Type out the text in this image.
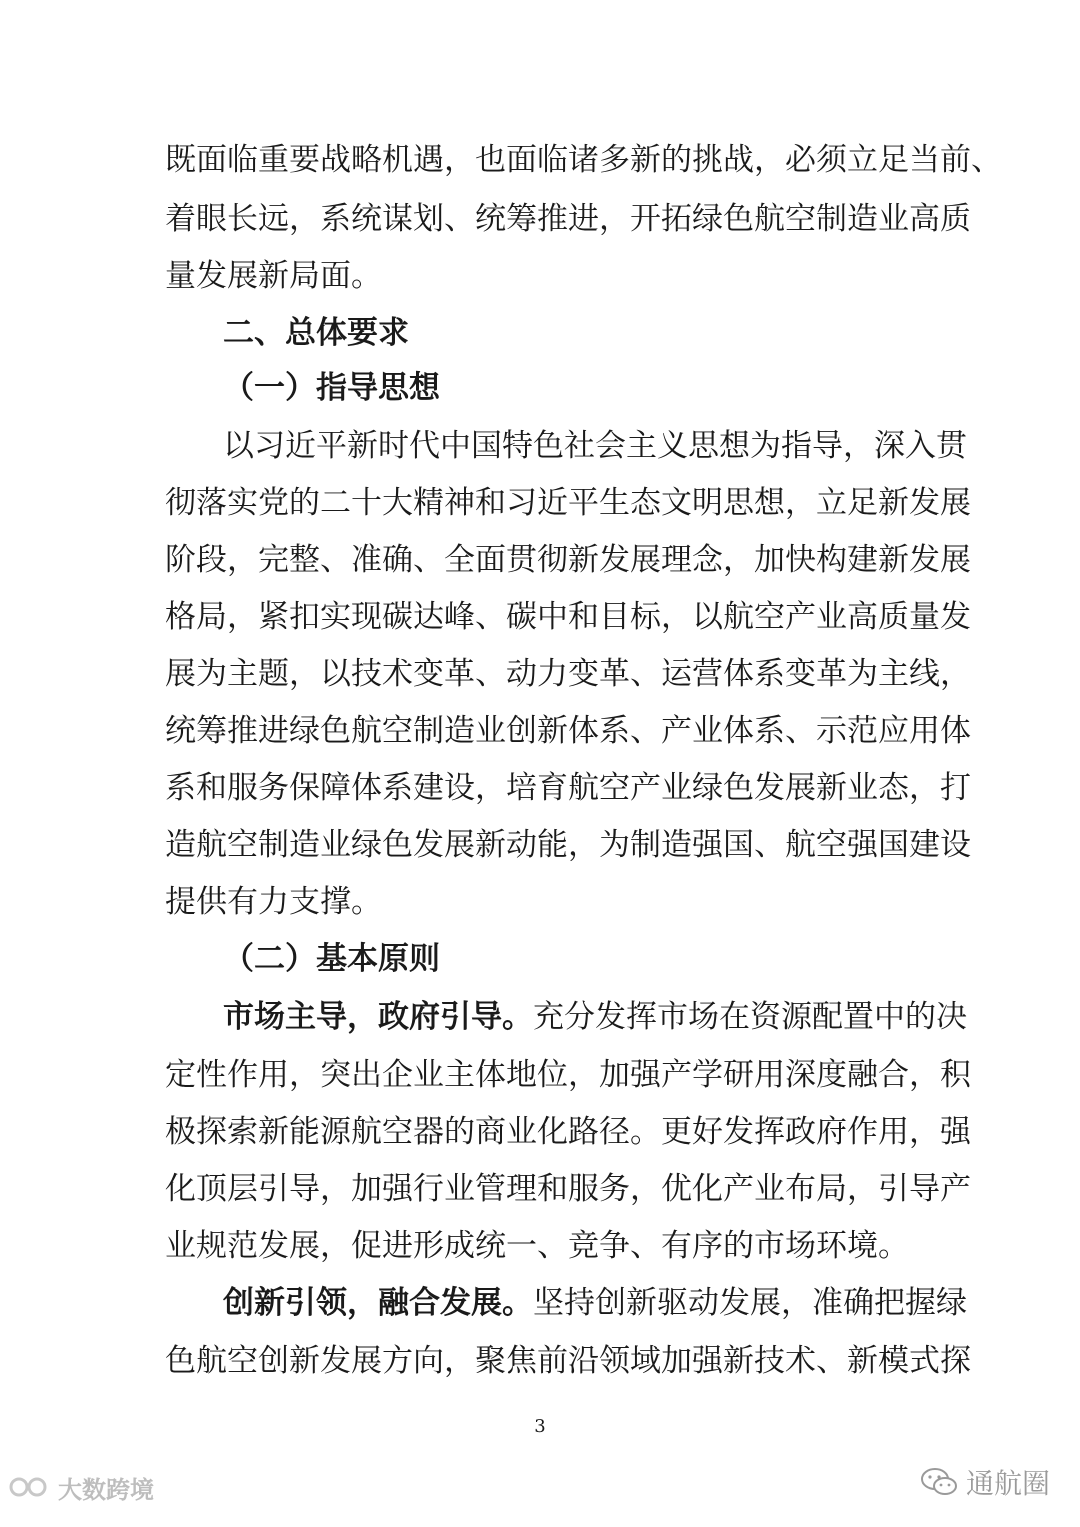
既面临重要战略机遇，也面临诸多新的挑战，必须立足当前、
着眼长远，系统谋划、统筹推进，开拓绿色航空制造业高质
量发展新局面。
二、总体要求
（一）指导思想
以习近平新时代中国特色社会主义思想为指导，深入贯
彻落实党的二十大精神和习近平生态文明思想，立足新发展
阶段，完整、准确、全面贯彻新发展理念，加快构建新发展
格局，紧扣实现碳达峰、碳中和目标，以航空产业高质量发
展为主题，以技术变革、动力变革、运营体系变革为主线，
统筹推进绿色航空制造业创新体系、产业体系、示范应用体
系和服务保障体系建设，培育航空产业绿色发展新业态，打
造航空制造业绿色发展新动能，为制造强国、航空强国建设
提供有力支撑。
（二）基本原则
市场主导，政府引导。 充分发挥市场在资源配置中的决
定性作用，突出企业主体地位，加强产学研用深度融合，积
极探索新能源航空器的商业化路径。更好发挥政府作用，强
化顶层引导，加强行业管理和服务，优化产业布局，引导产
业规范发展，促进形成统一、竞争、有序的市场环境。
创新引领，融合发展。 坚持创新驱动发展，准确把握绿
色航空创新发展方向，聚焦前沿领域加强新技术、新模式探
3
大数跨境	通航圈
